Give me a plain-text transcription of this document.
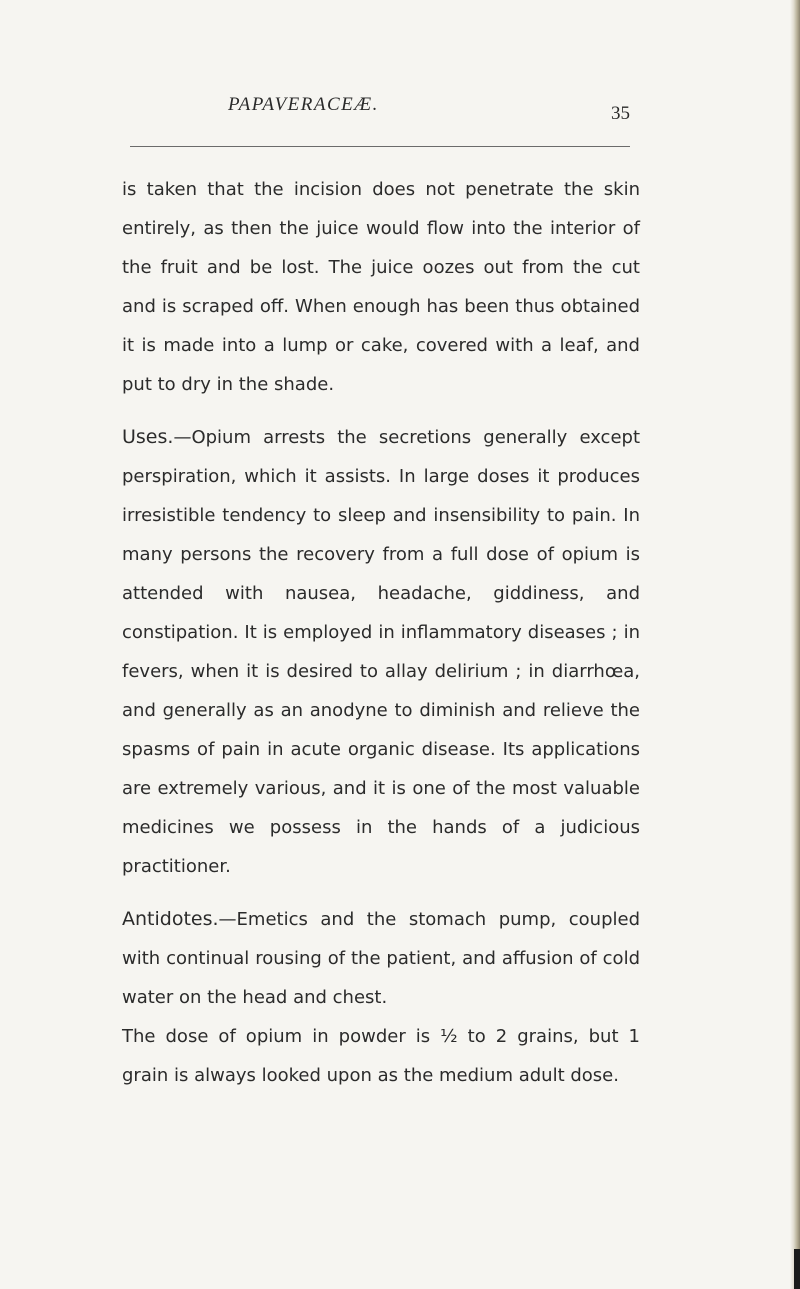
PAPAVERACEÆ.	35

is taken that the incision does not penetrate the skin entirely, as then the juice would flow into the interior of the fruit and be lost. The juice oozes out from the cut and is scraped off. When enough has been thus obtained it is made into a lump or cake, covered with a leaf, and put to dry in the shade.

Uses.—Opium arrests the secretions generally except perspiration, which it assists. In large doses it produces irresistible tendency to sleep and insensibility to pain. In many persons the recovery from a full dose of opium is attended with nausea, headache, giddiness, and constipation. It is employed in inflammatory diseases ; in fevers, when it is desired to allay delirium ; in diarrhœa, and generally as an anodyne to diminish and relieve the spasms of pain in acute organic disease. Its applications are extremely various, and it is one of the most valuable medicines we possess in the hands of a judicious practitioner.

Antidotes.—Emetics and the stomach pump, coupled with continual rousing of the patient, and affusion of cold water on the head and chest.

The dose of opium in powder is ½ to 2 grains, but 1 grain is always looked upon as the medium adult dose.
